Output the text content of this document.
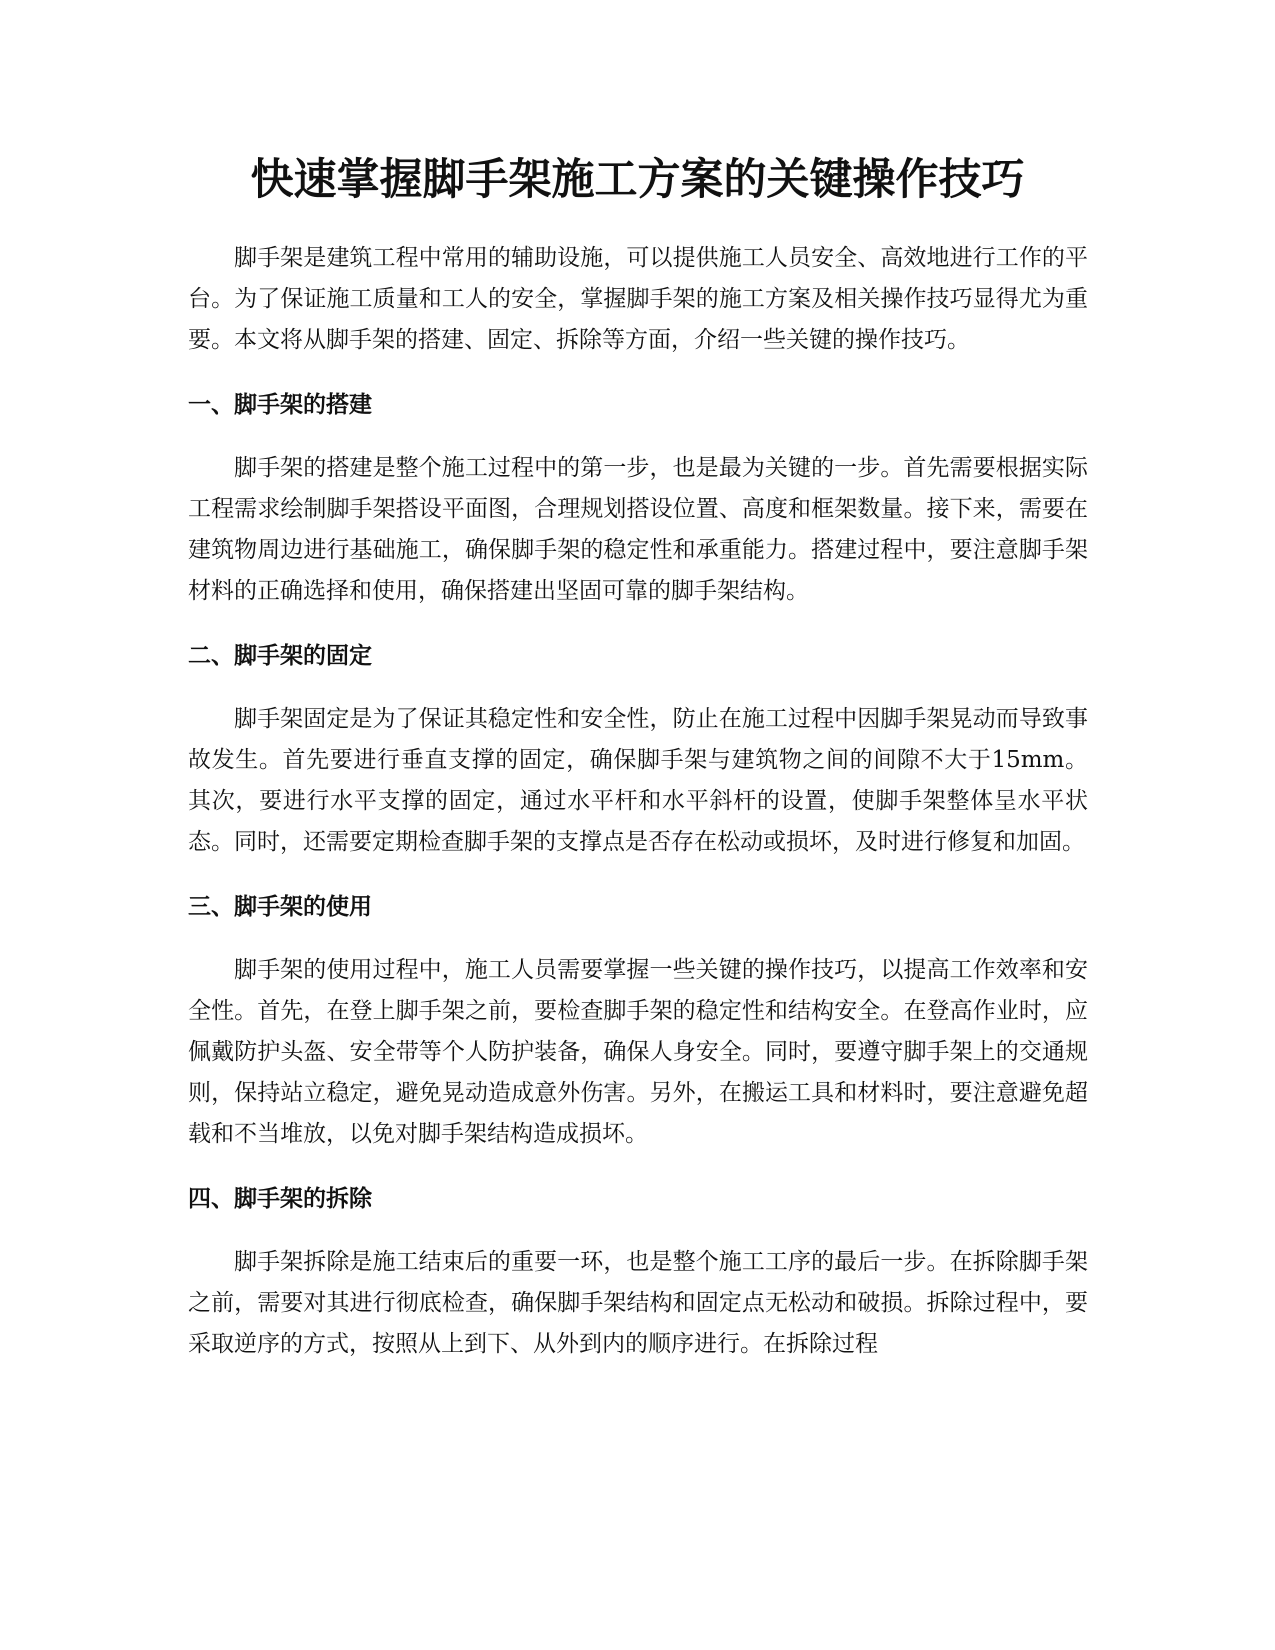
快速掌握脚手架施工方案的关键操作技巧

脚手架是建筑工程中常用的辅助设施，可以提供施工人员安全、高效地进行工作的平台。为了保证施工质量和工人的安全，掌握脚手架的施工方案及相关操作技巧显得尤为重要。本文将从脚手架的搭建、固定、拆除等方面，介绍一些关键的操作技巧。

一、脚手架的搭建

脚手架的搭建是整个施工过程中的第一步，也是最为关键的一步。首先需要根据实际工程需求绘制脚手架搭设平面图，合理规划搭设位置、高度和框架数量。接下来，需要在建筑物周边进行基础施工，确保脚手架的稳定性和承重能力。搭建过程中，要注意脚手架材料的正确选择和使用，确保搭建出坚固可靠的脚手架结构。

二、脚手架的固定

脚手架固定是为了保证其稳定性和安全性，防止在施工过程中因脚手架晃动而导致事故发生。首先要进行垂直支撑的固定，确保脚手架与建筑物之间的间隙不大于15mm。其次，要进行水平支撑的固定，通过水平杆和水平斜杆的设置，使脚手架整体呈水平状态。同时，还需要定期检查脚手架的支撑点是否存在松动或损坏，及时进行修复和加固。

三、脚手架的使用

脚手架的使用过程中，施工人员需要掌握一些关键的操作技巧，以提高工作效率和安全性。首先，在登上脚手架之前，要检查脚手架的稳定性和结构安全。在登高作业时，应佩戴防护头盔、安全带等个人防护装备，确保人身安全。同时，要遵守脚手架上的交通规则，保持站立稳定，避免晃动造成意外伤害。另外，在搬运工具和材料时，要注意避免超载和不当堆放，以免对脚手架结构造成损坏。

四、脚手架的拆除

脚手架拆除是施工结束后的重要一环，也是整个施工工序的最后一步。在拆除脚手架之前，需要对其进行彻底检查，确保脚手架结构和固定点无松动和破损。拆除过程中，要采取逆序的方式，按照从上到下、从外到内的顺序进行。在拆除过程
